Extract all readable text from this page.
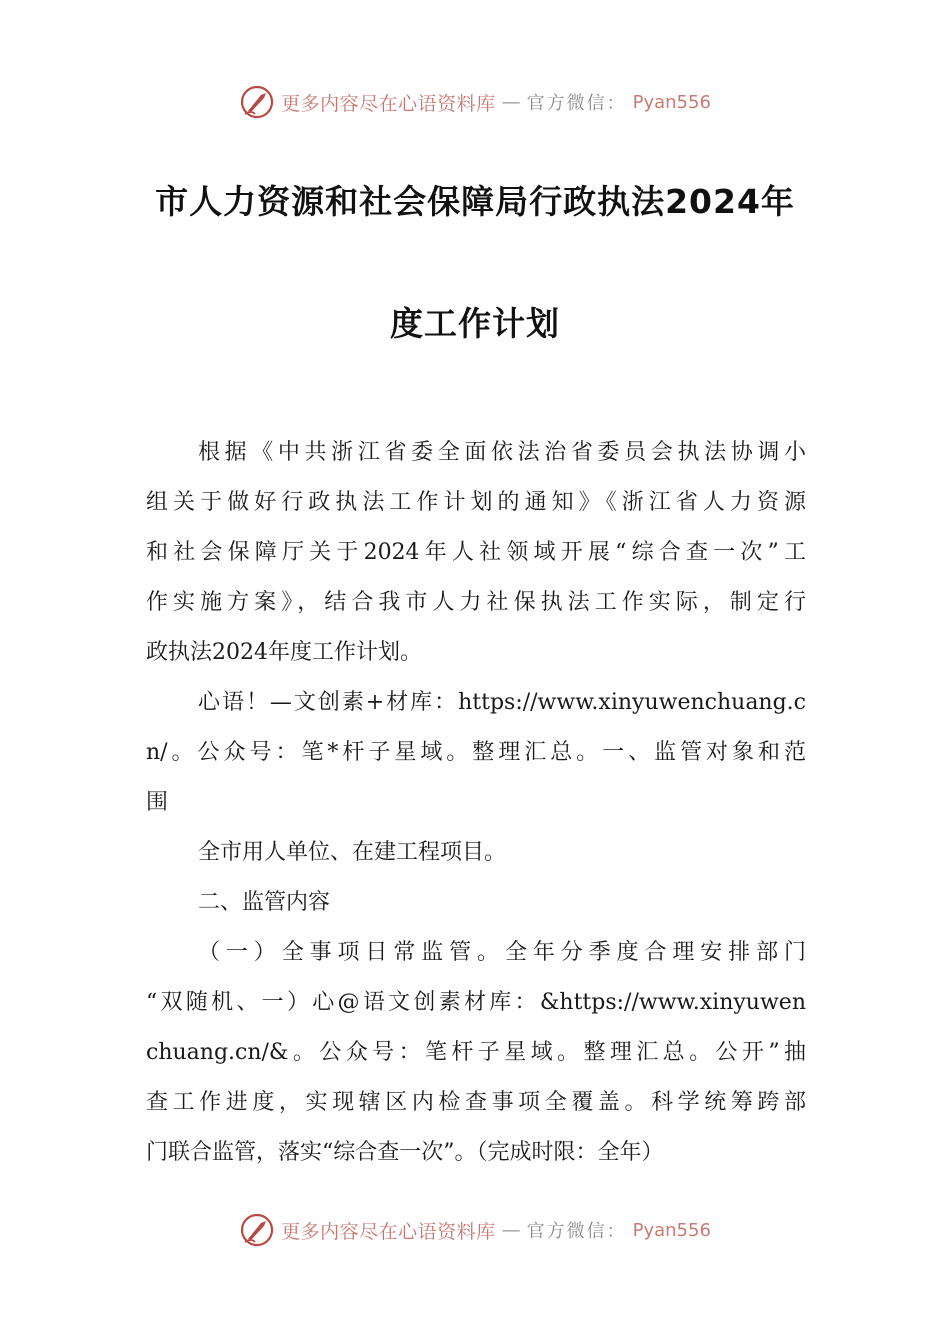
更多内容尽在心语资料库 — 官方微信： Pyan556
市人力资源和社会保障局行政执法2024年
度工作计划
根据《中共浙江省委全面依法治省委员会执法协调小
组关于做好行政执法工作计划的通知》《浙江省人力资源
和社会保障厅关于2024年人社领域开展“综合查一次”工
作实施方案》，结合我市人力社保执法工作实际，制定行
政执法2024年度工作计划。
心语！—文创素+材库：https://www.xinyuwenchuang.c
n/。公众号：笔*杆子星域。整理汇总。一、监管对象和范
围
全市用人单位、在建工程项目。
二、监管内容
（一）全事项日常监管。全年分季度合理安排部门
“双随机、一）心@语文创素材库：&https://www.xinyuwen
chuang.cn/&。公众号：笔杆子星域。整理汇总。公开”抽
查工作进度，实现辖区内检查事项全覆盖。科学统筹跨部
门联合监管，落实“综合查一次”。（完成时限：全年）
更多内容尽在心语资料库 — 官方微信： Pyan556
